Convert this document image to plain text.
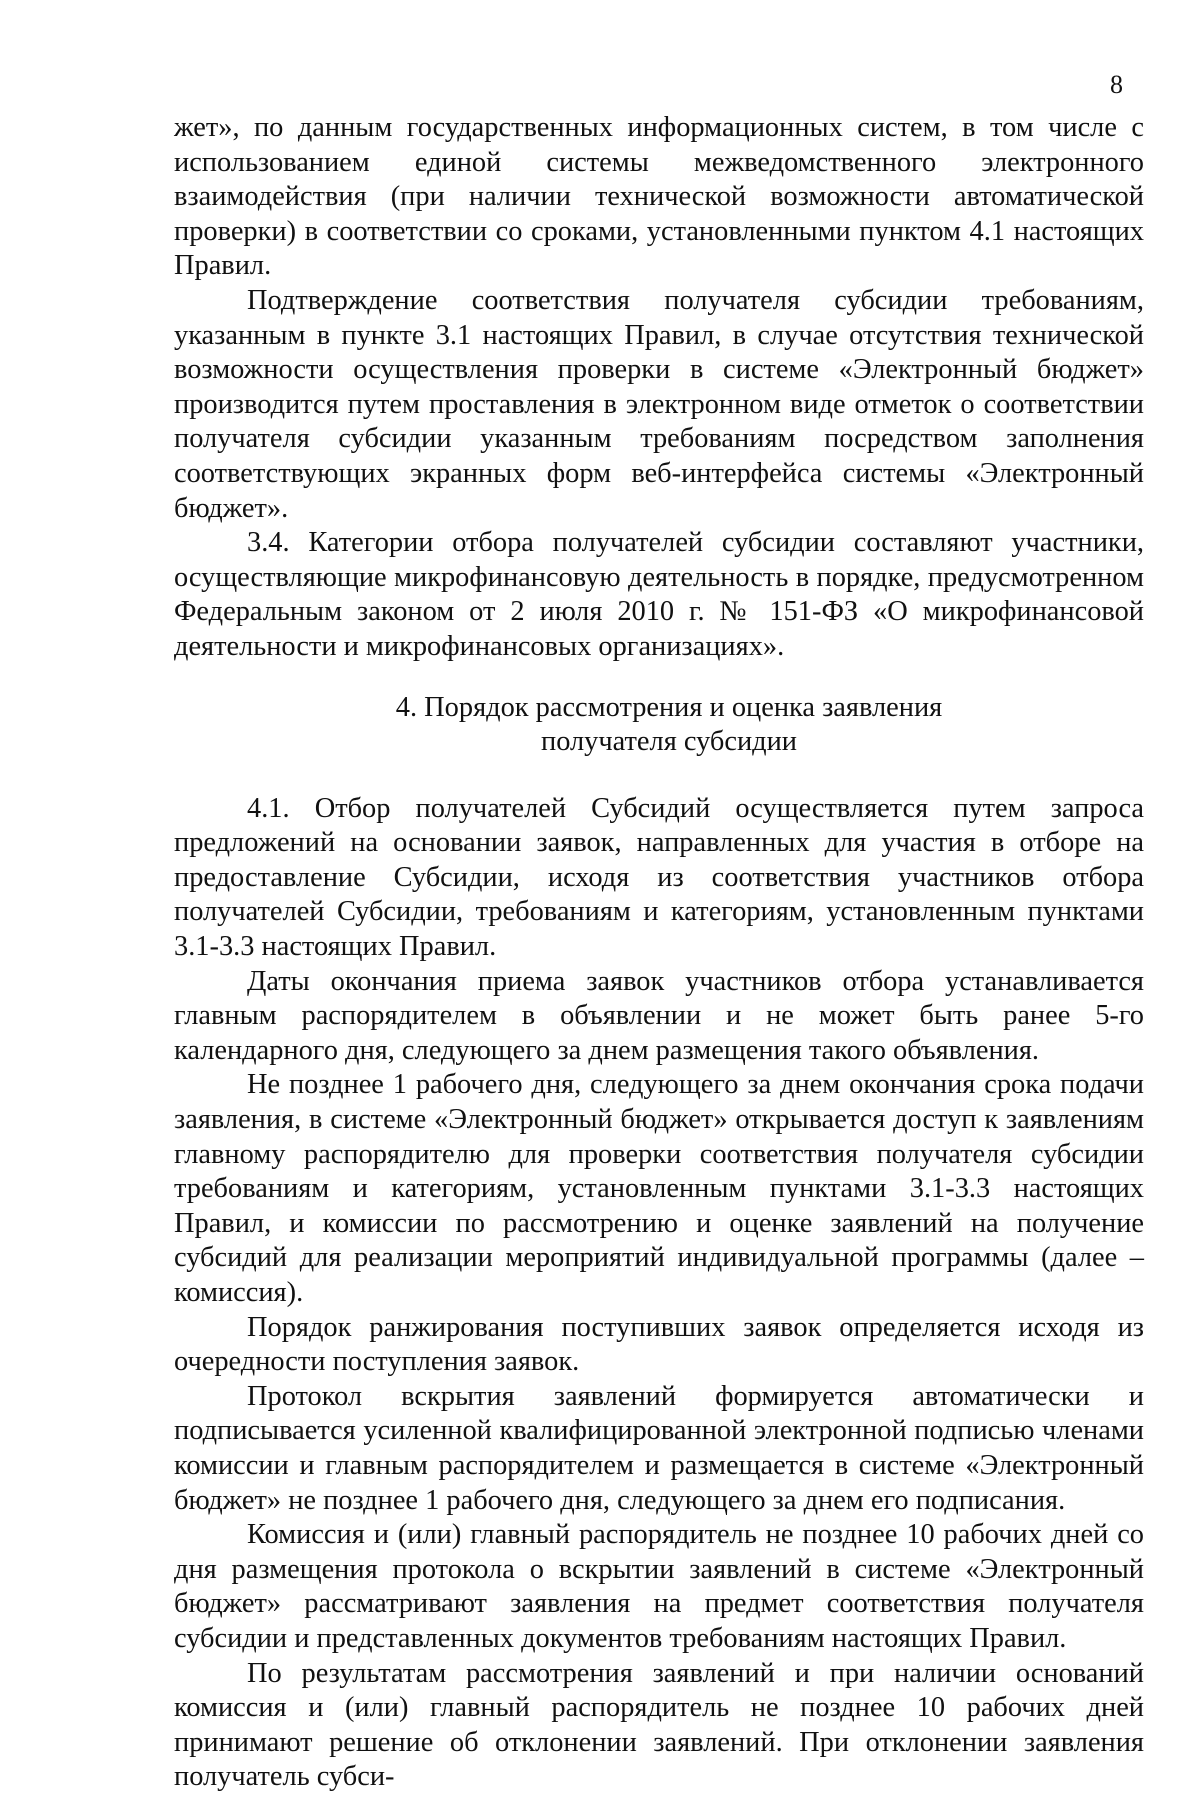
8

жет», по данным государственных информационных систем, в том числе с использованием единой системы межведомственного электронного взаимодействия (при наличии технической возможности автоматической проверки) в соответствии со сроками, установленными пунктом 4.1 настоящих Правил.

Подтверждение соответствия получателя субсидии требованиям, указанным в пункте 3.1 настоящих Правил, в случае отсутствия технической возможности осуществления проверки в системе «Электронный бюджет» производится путем проставления в электронном виде отметок о соответствии получателя субсидии указанным требованиям посредством заполнения соответствующих экранных форм веб-интерфейса системы «Электронный бюджет».

3.4. Категории отбора получателей субсидии составляют участники, осуществляющие микрофинансовую деятельность в порядке, предусмотренном Федеральным законом от 2 июля 2010 г. № 151-ФЗ «О микрофинансовой деятельности и микрофинансовых организациях».

4. Порядок рассмотрения и оценка заявления
получателя субсидии

4.1. Отбор получателей Субсидий осуществляется путем запроса предложений на основании заявок, направленных для участия в отборе на предоставление Субсидии, исходя из соответствия участников отбора получателей Субсидии, требованиям и категориям, установленным пунктами 3.1-3.3 настоящих Правил.

Даты окончания приема заявок участников отбора устанавливается главным распорядителем в объявлении и не может быть ранее 5-го календарного дня, следующего за днем размещения такого объявления.

Не позднее 1 рабочего дня, следующего за днем окончания срока подачи заявления, в системе «Электронный бюджет» открывается доступ к заявлениям главному распорядителю для проверки соответствия получателя субсидии требованиям и категориям, установленным пунктами 3.1-3.3 настоящих Правил, и комиссии по рассмотрению и оценке заявлений на получение субсидий для реализации мероприятий индивидуальной программы (далее – комиссия).

Порядок ранжирования поступивших заявок определяется исходя из очередности поступления заявок.

Протокол вскрытия заявлений формируется автоматически и подписывается усиленной квалифицированной электронной подписью членами комиссии и главным распорядителем и размещается в системе «Электронный бюджет» не позднее 1 рабочего дня, следующего за днем его подписания.

Комиссия и (или) главный распорядитель не позднее 10 рабочих дней со дня размещения протокола о вскрытии заявлений в системе «Электронный бюджет» рассматривают заявления на предмет соответствия получателя субсидии и представленных документов требованиям настоящих Правил.

По результатам рассмотрения заявлений и при наличии оснований комиссия и (или) главный распорядитель не позднее 10 рабочих дней принимают решение об отклонении заявлений. При отклонении заявления получатель субси-
